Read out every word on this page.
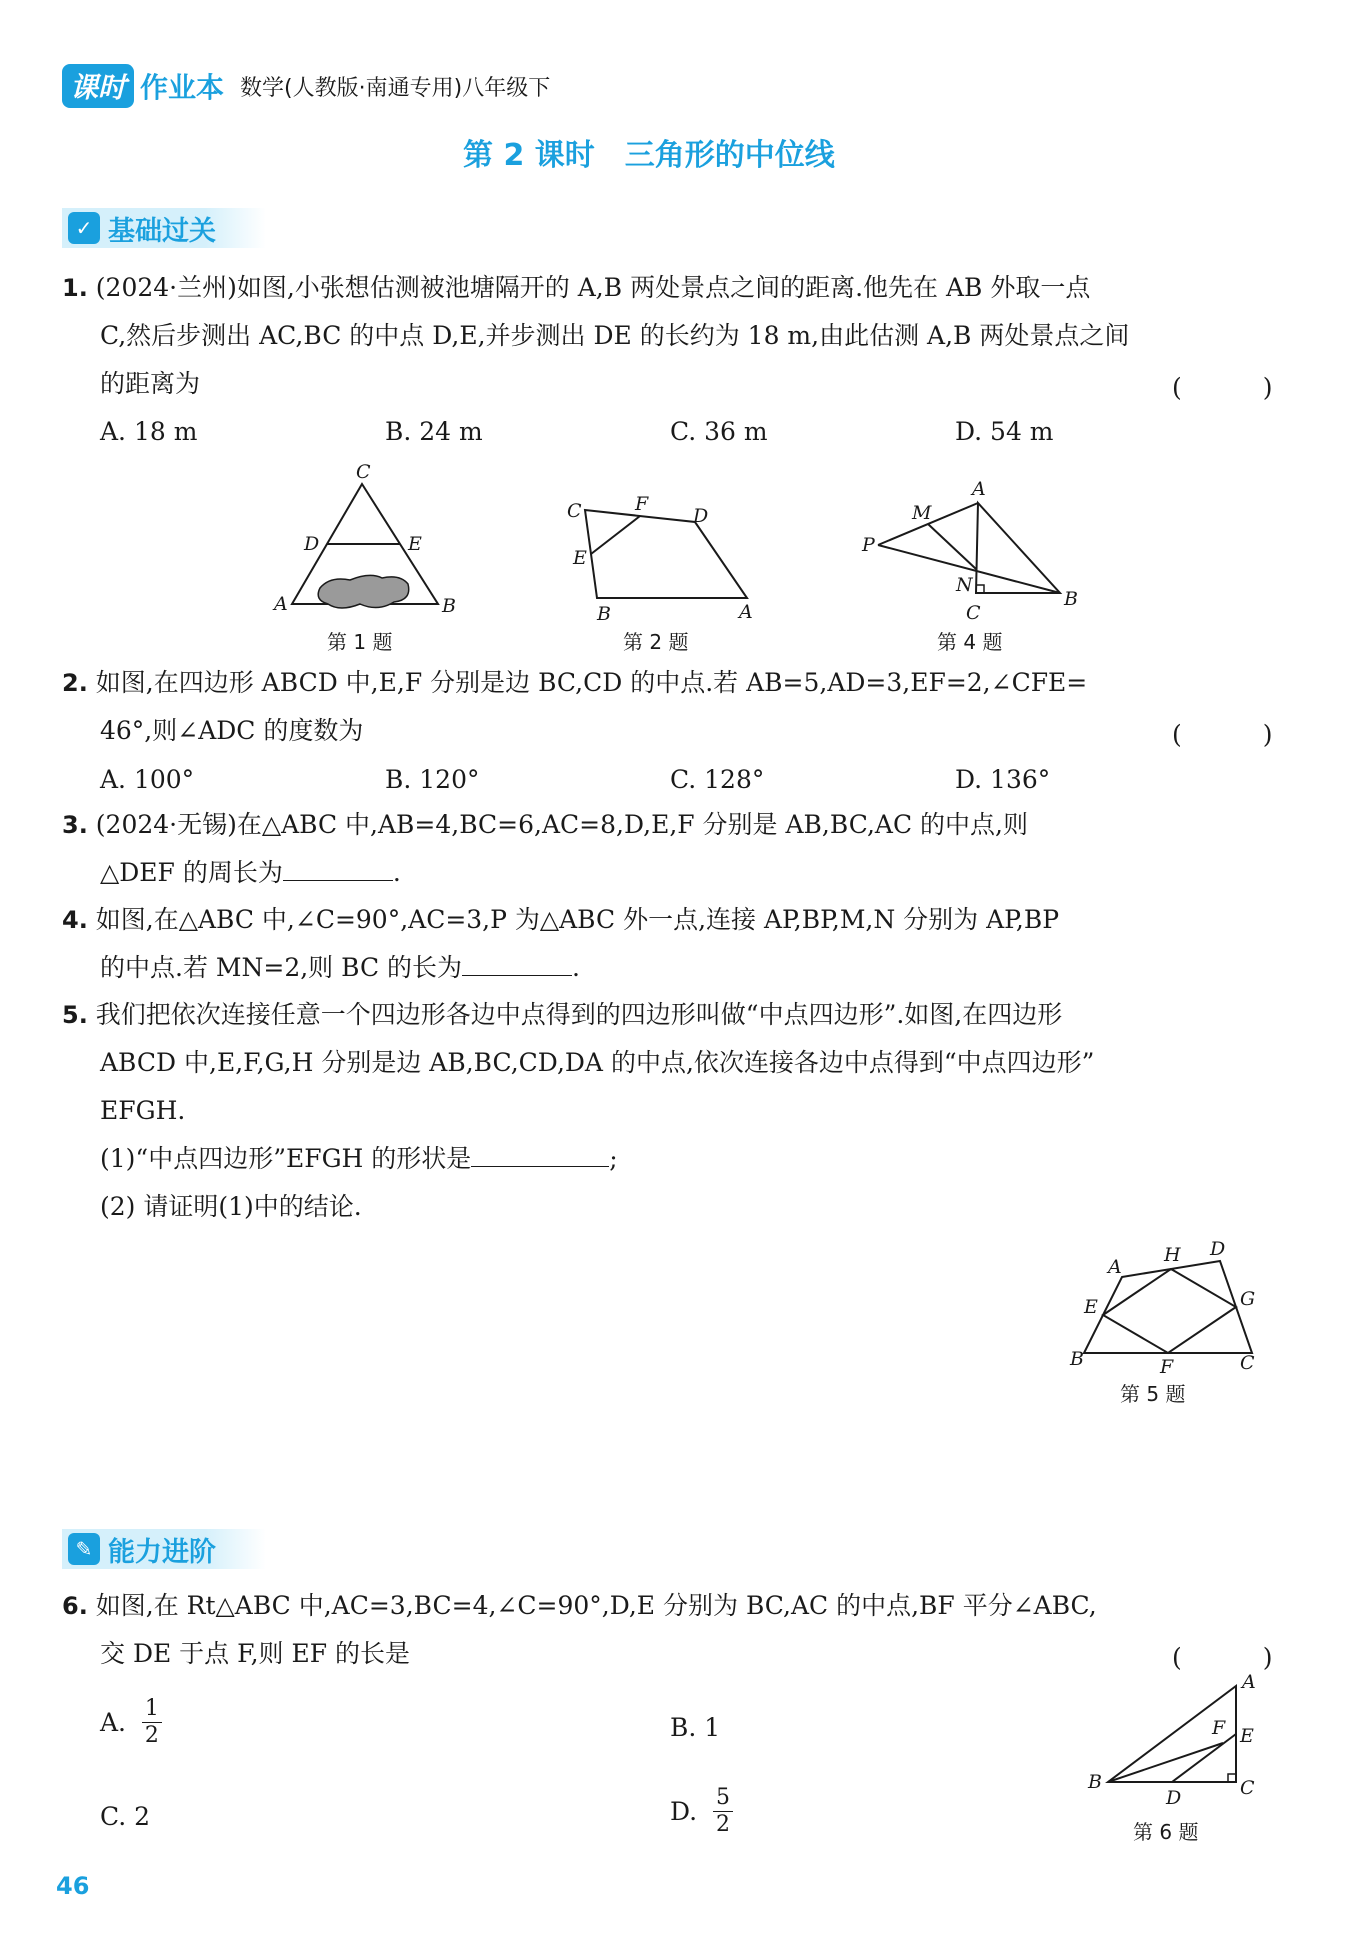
课时 作业本 数学(人教版·南通专用)八年级下
第 2 课时　三角形的中位线
✓ 基础过关
1. (2024·兰州)如图,小张想估测被池塘隔开的 A,B 两处景点之间的距离.他先在 AB 外取一点
C,然后步测出 AC,BC 的中点 D,E,并步测出 DE 的长约为 18 m,由此估测 A,B 两处景点之间
的距离为	(　)
A. 18 m	B. 24 m	C. 36 m	D. 54 m
C
D	E
A	B
第 1 题
C	F
D
E
B	A
第 2 题
A
M
P
N
C
B
第 4 题
2. 如图,在四边形 ABCD 中,E,F 分别是边 BC,CD 的中点.若 AB=5,AD=3,EF=2,∠CFE=
46°,则∠ADC 的度数为	(　)
A. 100°	B. 120°	C. 128°	D. 136°
3. (2024·无锡)在△ABC 中,AB=4,BC=6,AC=8,D,E,F 分别是 AB,BC,AC 的中点,则
△DEF 的周长为	.
4. 如图,在△ABC 中,∠C=90°,AC=3,P 为△ABC 外一点,连接 AP,BP,M,N 分别为 AP,BP
的中点.若 MN=2,则 BC 的长为	.
5. 我们把依次连接任意一个四边形各边中点得到的四边形叫做“中点四边形”.如图,在四边形
ABCD 中,E,F,G,H 分别是边 AB,BC,CD,DA 的中点,依次连接各边中点得到“中点四边形”
EFGH.
(1)“中点四边形”EFGH 的形状是	;
(2) 请证明(1)中的结论.
A
H D
E	G
B	F	C
第 5 题
✎ 能力进阶
6. 如图,在 Rt△ABC 中,AC=3,BC=4,∠C=90°,D,E 分别为 BC,AC 的中点,BF 平分∠ABC,
交 DE 于点 F,则 EF 的长是	(　)
A.
$\frac{1}{2}$	B. 1
C. 2	D.
$\frac{5}{2}$
A
F E
B
D	C
第 6 题
46
